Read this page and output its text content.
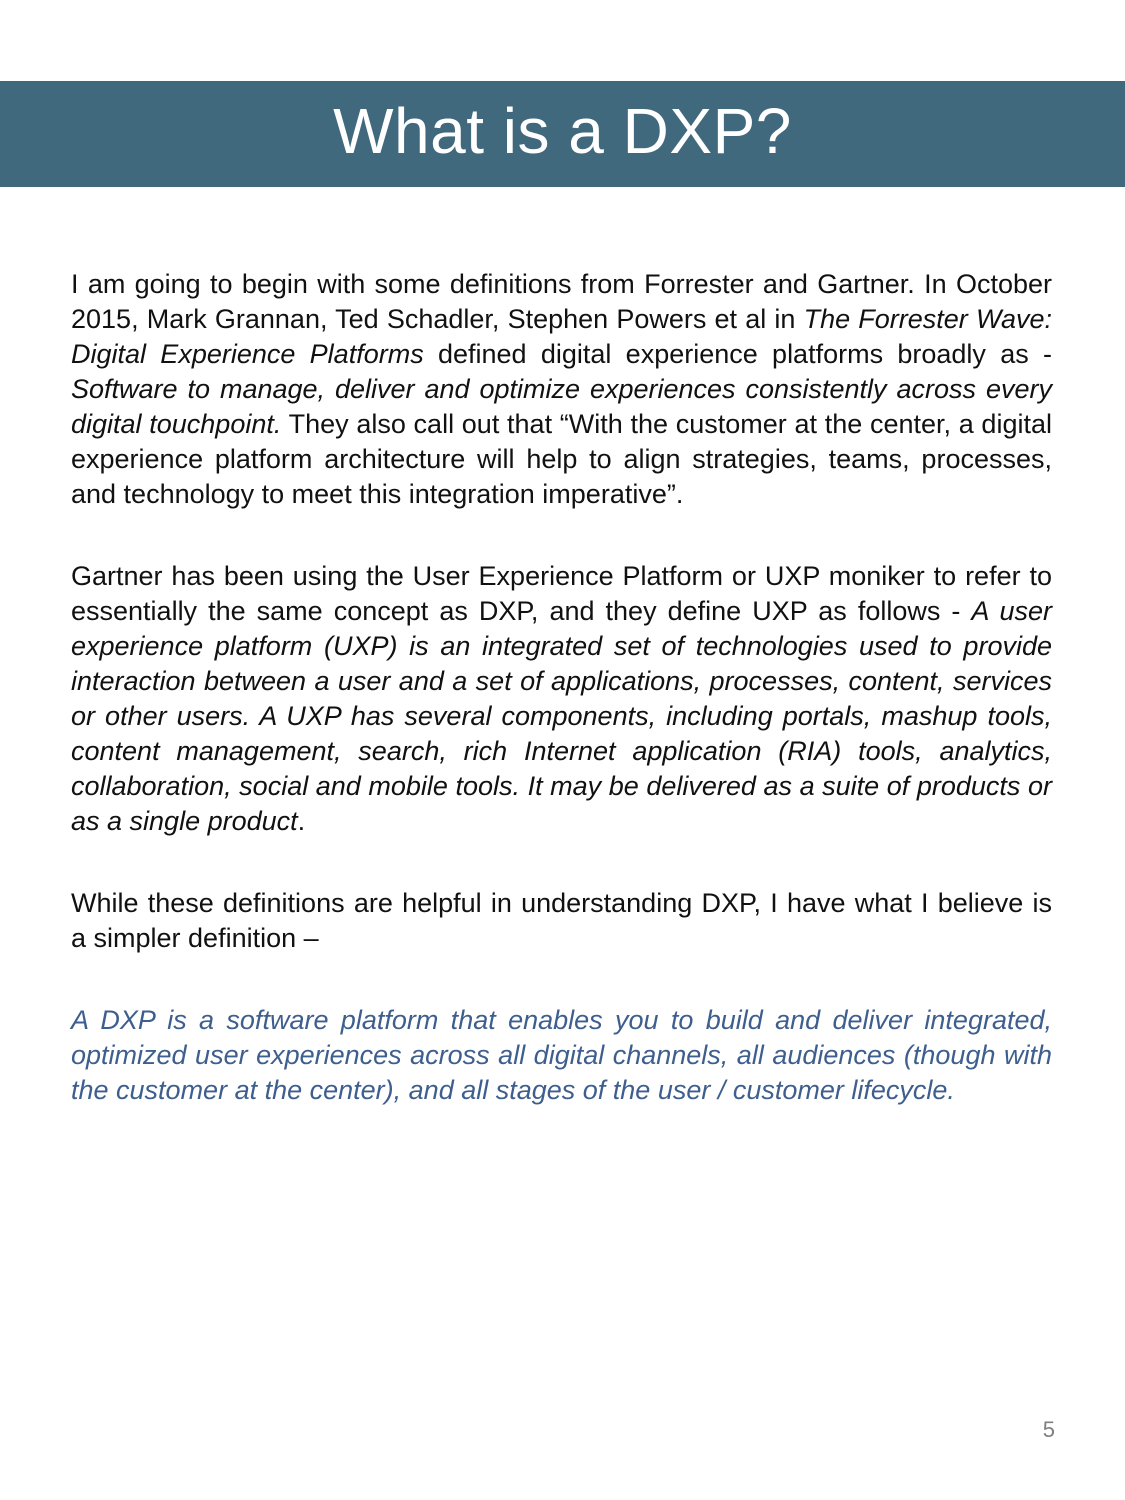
What is a DXP?

I am going to begin with some definitions from Forrester and Gartner. In October 2015, Mark Grannan, Ted Schadler, Stephen Powers et al in The Forrester Wave: Digital Experience Platforms defined digital experience platforms broadly as - Software to manage, deliver and optimize experiences consistently across every digital touchpoint. They also call out that “With the customer at the center, a digital experience platform architecture will help to align strategies, teams, processes, and technology to meet this integration imperative”.

Gartner has been using the User Experience Platform or UXP moniker to refer to essentially the same concept as DXP, and they define UXP as follows - A user experience platform (UXP) is an integrated set of technologies used to provide interaction between a user and a set of applications, processes, content, services or other users. A UXP has several components, including portals, mashup tools, content management, search, rich Internet application (RIA) tools, analytics, collaboration, social and mobile tools. It may be delivered as a suite of products or as a single product.

While these definitions are helpful in understanding DXP, I have what I believe is a simpler definition –

A DXP is a software platform that enables you to build and deliver integrated, optimized user experiences across all digital channels, all audiences (though with the customer at the center), and all stages of the user / customer lifecycle.

5
